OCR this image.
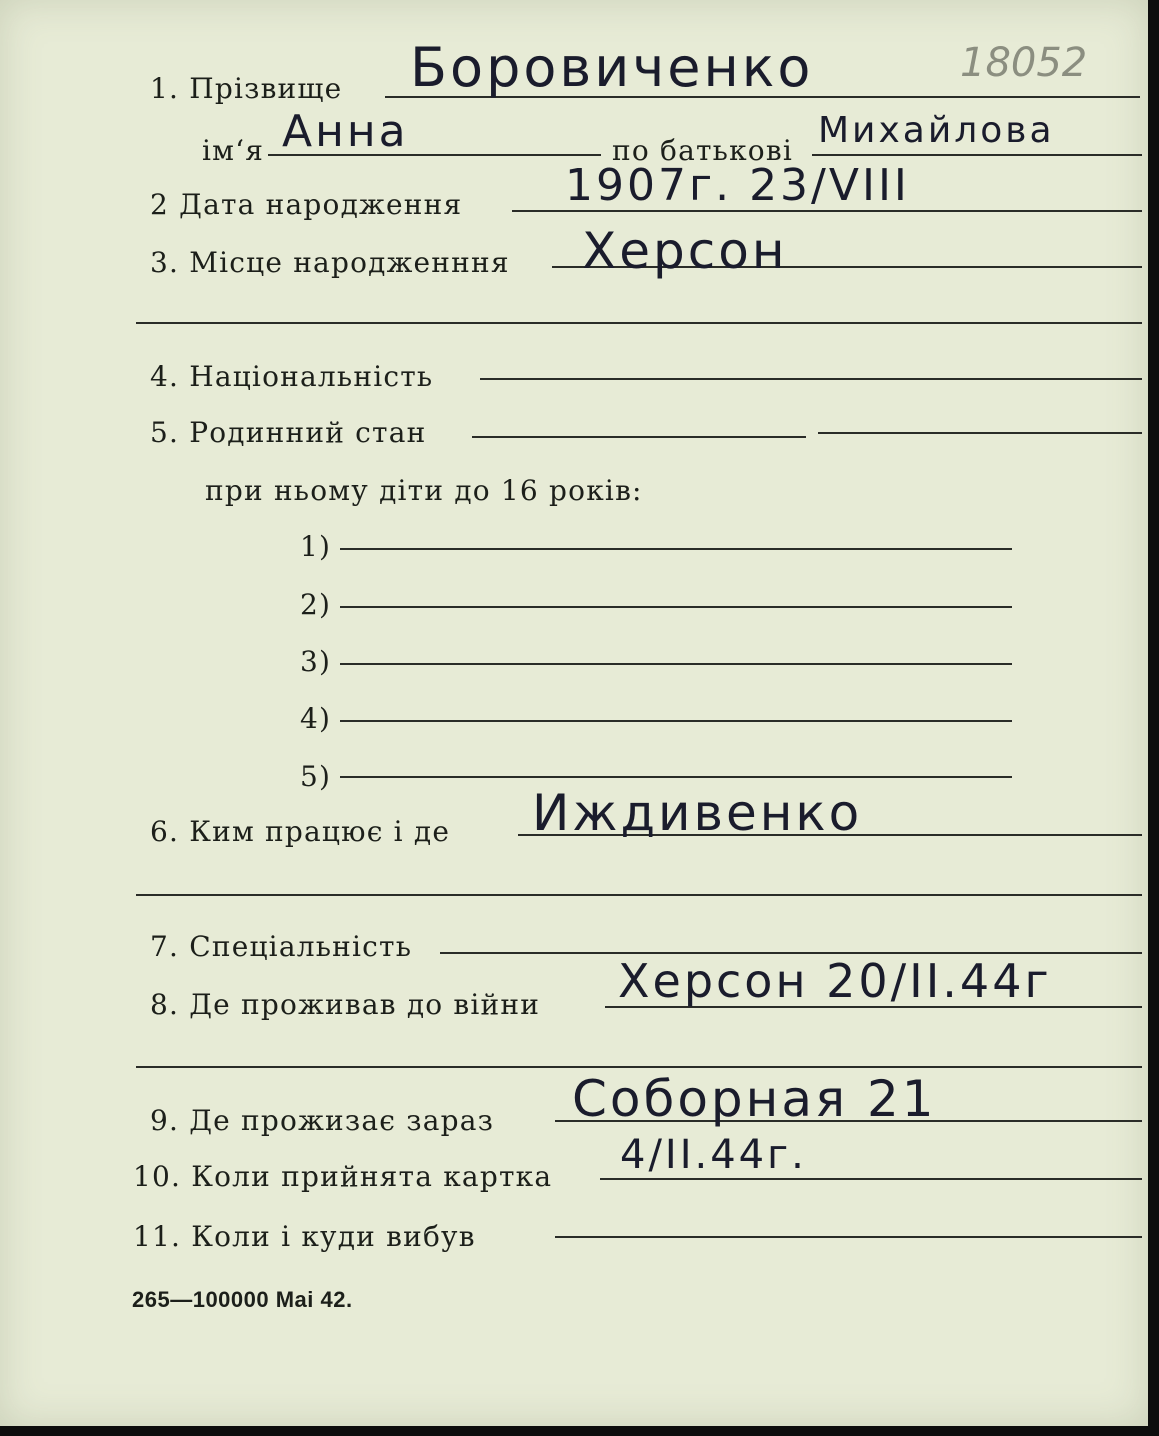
18052
1. Прізвище Боровиченко
ім‘я Анна	по батькові Михайлова
2 Дата народження 1907г. 23/VIII
3. Місце народженння Херсон
4. Національність
5. Родинний стан
при ньому діти до 16 років:
1)
2)
3)
4)
5)
6. Ким працює і де Иждивенко
7. Спеціальність
8. Де проживав до війни Херсон 20/II.44г
9. Де прожизає зараз Соборная 21
10. Коли прийнята картка 4/II.44г.
11. Коли і куди вибув
265—100000 Mai 42.
